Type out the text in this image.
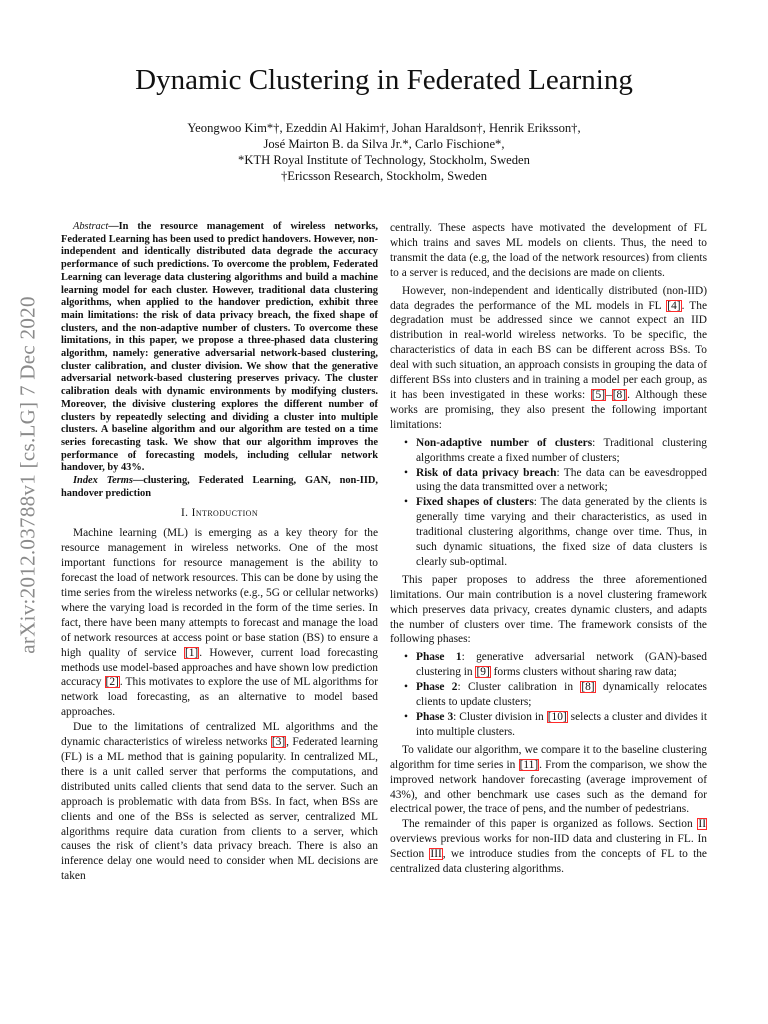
Dynamic Clustering in Federated Learning
Yeongwoo Kim*†, Ezeddin Al Hakim†, Johan Haraldson†, Henrik Eriksson†,
José Mairton B. da Silva Jr.*, Carlo Fischione*,
*KTH Royal Institute of Technology, Stockholm, Sweden
†Ericsson Research, Stockholm, Sweden
arXiv:2012.03788v1 [cs.LG] 7 Dec 2020

Abstract—In the resource management of wireless networks, Federated Learning has been used to predict handovers. However, non-independent and identically distributed data degrade the accuracy performance of such predictions. To overcome the problem, Federated Learning can leverage data clustering algorithms and build a machine learning model for each cluster. However, traditional data clustering algorithms, when applied to the handover prediction, exhibit three main limitations: the risk of data privacy breach, the fixed shape of clusters, and the non-adaptive number of clusters. To overcome these limitations, in this paper, we propose a three-phased data clustering algorithm, namely: generative adversarial network-based clustering, cluster calibration, and cluster division. We show that the generative adversarial network-based clustering preserves privacy. The cluster calibration deals with dynamic environments by modifying clusters. Moreover, the divisive clustering explores the different number of clusters by repeatedly selecting and dividing a cluster into multiple clusters. A baseline algorithm and our algorithm are tested on a time series forecasting task. We show that our algorithm improves the performance of forecasting models, including cellular network handover, by 43%.

Index Terms—clustering, Federated Learning, GAN, non-IID, handover prediction

I. Introduction

Machine learning (ML) is emerging as a key theory for the resource management in wireless networks. One of the most important functions for resource management is the ability to forecast the load of network resources. This can be done by using the time series from the wireless networks (e.g., 5G or cellular networks) where the varying load is recorded in the form of the time series. In fact, there have been many attempts to forecast and manage the load of network resources at access point or base station (BS) to ensure a high quality of service [1]. However, current load forecasting methods use model-based approaches and have shown low prediction accuracy [2]. This motivates to explore the use of ML algorithms for network load forecasting, as an alternative to model based approaches.

Due to the limitations of centralized ML algorithms and the dynamic characteristics of wireless networks [3], Federated learning (FL) is a ML method that is gaining popularity. In centralized ML, there is a unit called server that performs the computations, and distributed units called clients that send data to the server. Such an approach is problematic with data from BSs. In fact, when BSs are clients and one of the BSs is selected as server, centralized ML algorithms require data curation from clients to a server, which causes the risk of client’s data privacy breach. There is also an inference delay one would need to consider when ML decisions are taken

centrally. These aspects have motivated the development of FL which trains and saves ML models on clients. Thus, the need to transmit the data (e.g, the load of the network resources) from clients to a server is reduced, and the decisions are made on clients.

However, non-independent and identically distributed (non-IID) data degrades the performance of the ML models in FL [4]. The degradation must be addressed since we cannot expect an IID distribution in real-world wireless networks. To be specific, the characteristics of data in each BS can be different across BSs. To deal with such situation, an approach consists in grouping the data of different BSs into clusters and in training a model per each group, as it has been investigated in these works: [5]–[8]. Although these works are promising, they also present the following important limitations:

• Non-adaptive number of clusters: Traditional clustering algorithms create a fixed number of clusters;
• Risk of data privacy breach: The data can be eavesdropped using the data transmitted over a network;
• Fixed shapes of clusters: The data generated by the clients is generally time varying and their characteristics, as used in traditional clustering algorithms, change over time. Thus, in such dynamic situations, the fixed size of data clusters is clearly sub-optimal.

This paper proposes to address the three aforementioned limitations. Our main contribution is a novel clustering framework which preserves data privacy, creates dynamic clusters, and adapts the number of clusters over time. The framework consists of the following phases:

• Phase 1: generative adversarial network (GAN)-based clustering in [9] forms clusters without sharing raw data;
• Phase 2: Cluster calibration in [8] dynamically relocates clients to update clusters;
• Phase 3: Cluster division in [10] selects a cluster and divides it into multiple clusters.

To validate our algorithm, we compare it to the baseline clustering algorithm for time series in [11]. From the comparison, we show the improved network handover forecasting (average improvement of 43%), and other benchmark use cases such as the demand for electrical power, the trace of pens, and the number of pedestrians.

The remainder of this paper is organized as follows. Section II overviews previous works for non-IID data and clustering in FL. In Section III, we introduce studies from the concepts of FL to the centralized data clustering algorithms.
